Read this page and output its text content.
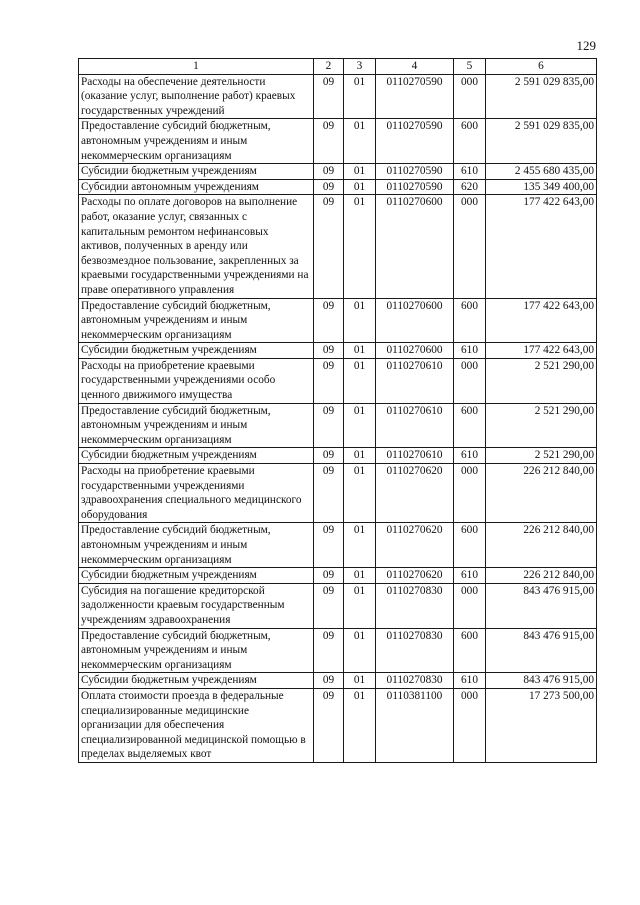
129
1	2	3	4	5	6
Расходы на обеспечение деятельности (оказание услуг, выполнение работ) краевых государственных учреждений	09	01	0110270590	000	2 591 029 835,00
Предоставление субсидий бюджетным, автономным учреждениям и иным некоммерческим организациям	09	01	0110270590	600	2 591 029 835,00
Субсидии бюджетным учреждениям	09	01	0110270590	610	2 455 680 435,00
Субсидии автономным учреждениям	09	01	0110270590	620	135 349 400,00
Расходы по оплате договоров на выполнение работ, оказание услуг, связанных с капитальным ремонтом нефинансовых активов, полученных в аренду или безвозмездное пользование, закрепленных за краевыми государственными учреждениями на праве оперативного управления	09	01	0110270600	000	177 422 643,00
Предоставление субсидий бюджетным, автономным учреждениям и иным некоммерческим организациям	09	01	0110270600	600	177 422 643,00
Субсидии бюджетным учреждениям	09	01	0110270600	610	177 422 643,00
Расходы на приобретение краевыми государственными учреждениями особо ценного движимого имущества	09	01	0110270610	000	2 521 290,00
Предоставление субсидий бюджетным, автономным учреждениям и иным некоммерческим организациям	09	01	0110270610	600	2 521 290,00
Субсидии бюджетным учреждениям	09	01	0110270610	610	2 521 290,00
Расходы на приобретение краевыми государственными учреждениями здравоохранения специального медицинского оборудования	09	01	0110270620	000	226 212 840,00
Предоставление субсидий бюджетным, автономным учреждениям и иным некоммерческим организациям	09	01	0110270620	600	226 212 840,00
Субсидии бюджетным учреждениям	09	01	0110270620	610	226 212 840,00
Субсидия на погашение кредиторской задолженности краевым государственным учреждениям здравоохранения	09	01	0110270830	000	843 476 915,00
Предоставление субсидий бюджетным, автономным учреждениям и иным некоммерческим организациям	09	01	0110270830	600	843 476 915,00
Субсидии бюджетным учреждениям	09	01	0110270830	610	843 476 915,00
Оплата стоимости проезда в федеральные специализированные медицинские организации для обеспечения специализированной медицинской помощью в пределах выделяемых квот	09	01	0110381100	000	17 273 500,00
